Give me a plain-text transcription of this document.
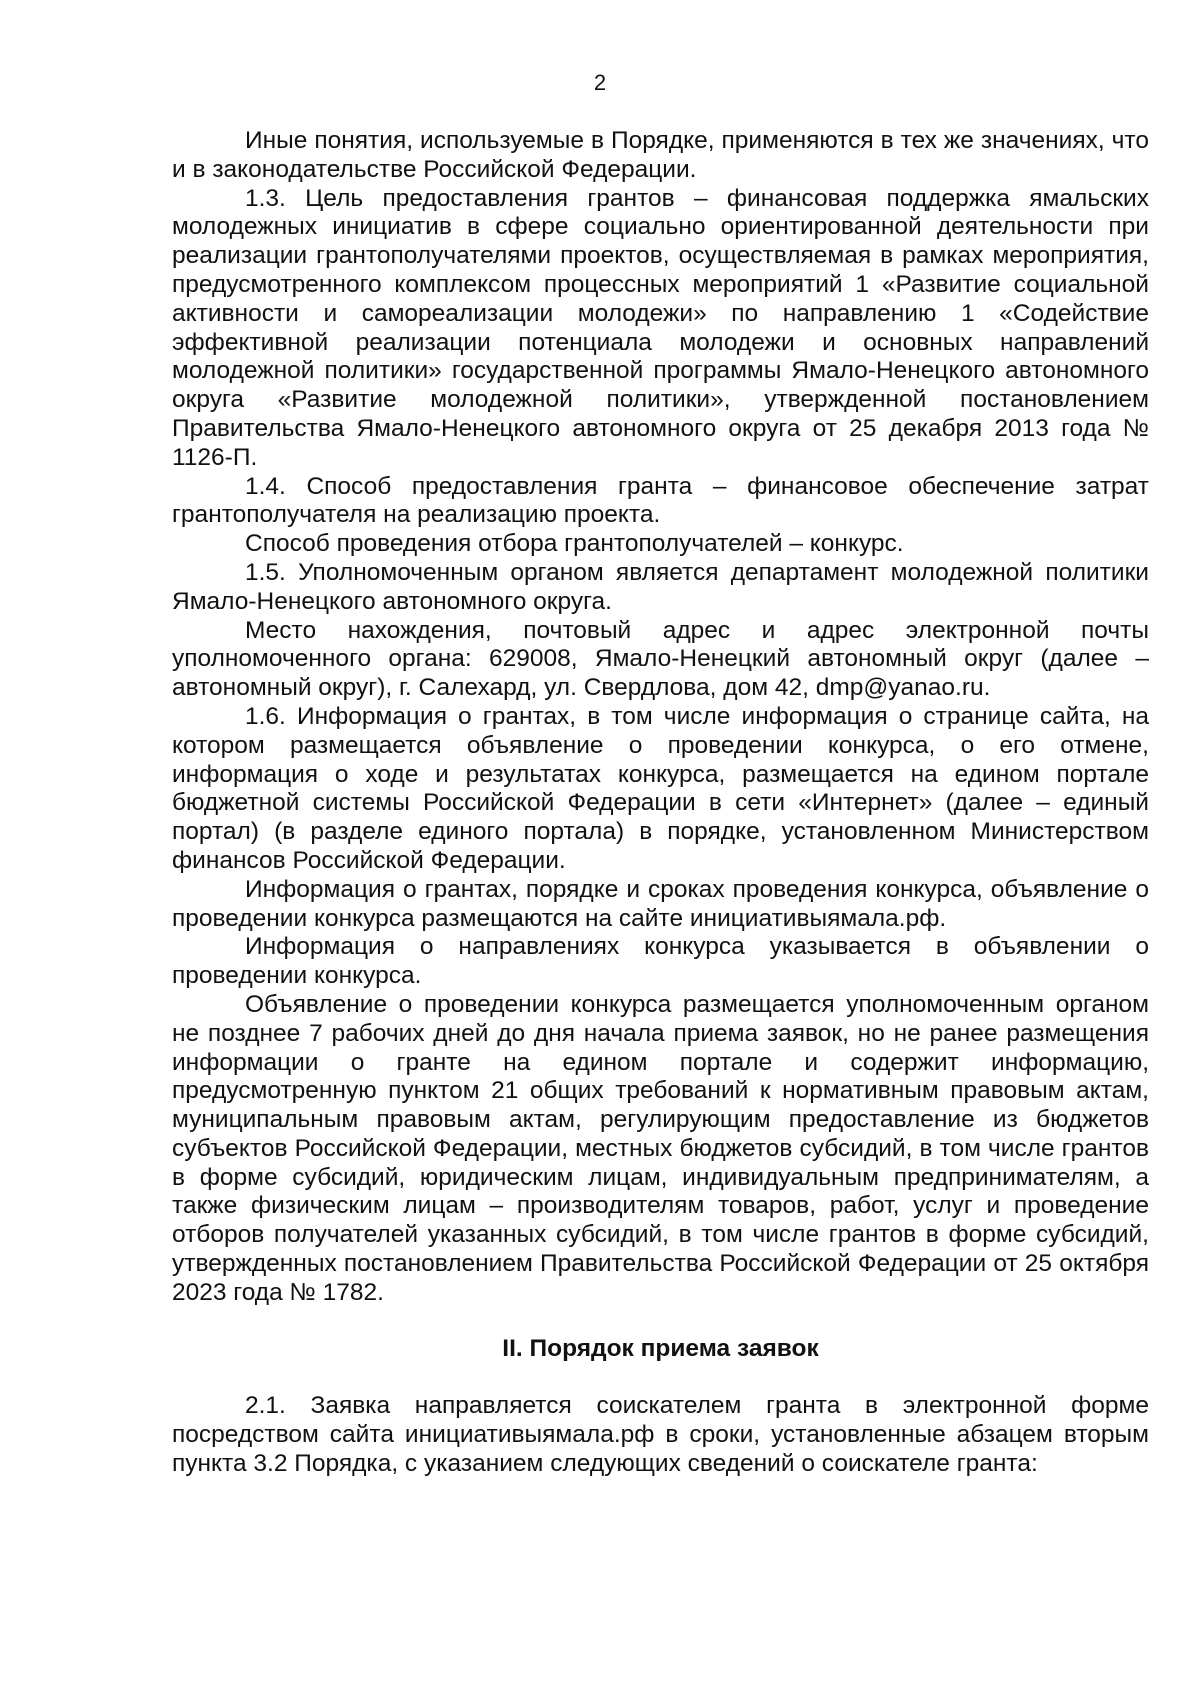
2

Иные понятия, используемые в Порядке, применяются в тех же значениях, что и в законодательстве Российской Федерации.

1.3. Цель предоставления грантов – финансовая поддержка ямальских молодежных инициатив в сфере социально ориентированной деятельности при реализации грантополучателями проектов, осуществляемая в рамках мероприятия, предусмотренного комплексом процессных мероприятий 1 «Развитие социальной активности и самореализации молодежи» по направлению 1 «Содействие эффективной реализации потенциала молодежи и основных направлений молодежной политики» государственной программы Ямало-Ненецкого автономного округа «Развитие молодежной политики», утвержденной постановлением Правительства Ямало-Ненецкого автономного округа от 25 декабря 2013 года № 1126-П.

1.4. Способ предоставления гранта – финансовое обеспечение затрат грантополучателя на реализацию проекта.

Способ проведения отбора грантополучателей – конкурс.

1.5. Уполномоченным органом является департамент молодежной политики Ямало-Ненецкого автономного округа.

Место нахождения, почтовый адрес и адрес электронной почты уполномоченного органа: 629008, Ямало-Ненецкий автономный округ (далее – автономный округ), г. Салехард, ул. Свердлова, дом 42, dmp@yanao.ru.

1.6. Информация о грантах, в том числе информация о странице сайта, на котором размещается объявление о проведении конкурса, о его отмене, информация о ходе и результатах конкурса, размещается на едином портале бюджетной системы Российской Федерации в сети «Интернет» (далее – единый портал) (в разделе единого портала) в порядке, установленном Министерством финансов Российской Федерации.

Информация о грантах, порядке и сроках проведения конкурса, объявление о проведении конкурса размещаются на сайте инициативыямала.рф.

Информация о направлениях конкурса указывается в объявлении о проведении конкурса.

Объявление о проведении конкурса размещается уполномоченным органом не позднее 7 рабочих дней до дня начала приема заявок, но не ранее размещения информации о гранте на едином портале и содержит информацию, предусмотренную пунктом 21 общих требований к нормативным правовым актам, муниципальным правовым актам, регулирующим предоставление из бюджетов субъектов Российской Федерации, местных бюджетов субсидий, в том числе грантов в форме субсидий, юридическим лицам, индивидуальным предпринимателям, а также физическим лицам – производителям товаров, работ, услуг и проведение отборов получателей указанных субсидий, в том числе грантов в форме субсидий, утвержденных постановлением Правительства Российской Федерации от 25 октября 2023 года № 1782.

II. Порядок приема заявок

2.1. Заявка направляется соискателем гранта в электронной форме посредством сайта инициативыямала.рф в сроки, установленные абзацем вторым пункта 3.2 Порядка, с указанием следующих сведений о соискателе гранта:
